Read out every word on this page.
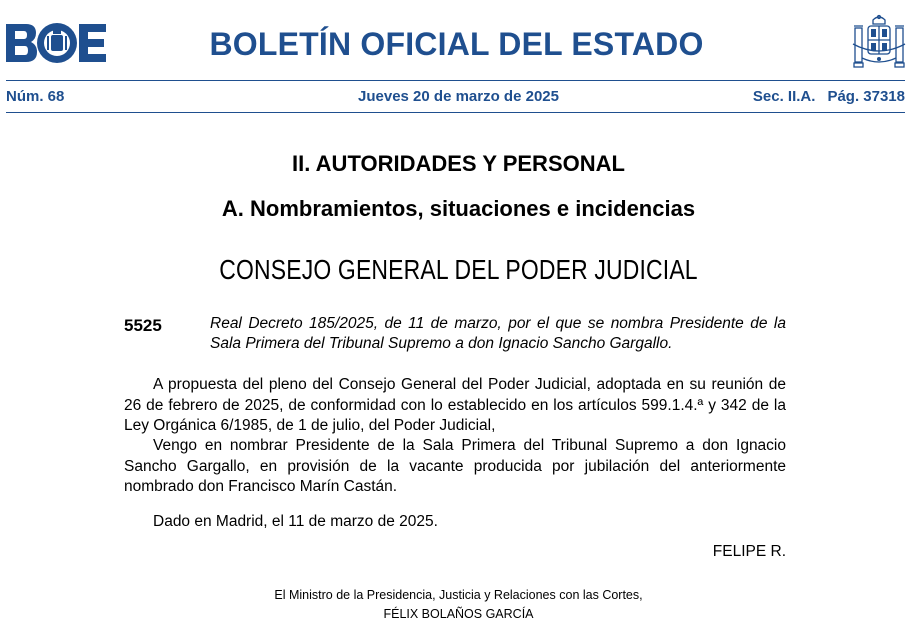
BOLETÍN OFICIAL DEL ESTADO
Núm. 68	Jueves 20 de marzo de 2025	Sec. II.A. Pág. 37318
II. AUTORIDADES Y PERSONAL
A. Nombramientos, situaciones e incidencias
CONSEJO GENERAL DEL PODER JUDICIAL
5525	Real Decreto 185/2025, de 11 de marzo, por el que se nombra Presidente de la Sala Primera del Tribunal Supremo a don Ignacio Sancho Gargallo.

A propuesta del pleno del Consejo General del Poder Judicial, adoptada en su reunión de 26 de febrero de 2025, de conformidad con lo establecido en los artículos 599.1.4.ª y 342 de la Ley Orgánica 6/1985, de 1 de julio, del Poder Judicial,

Vengo en nombrar Presidente de la Sala Primera del Tribunal Supremo a don Ignacio Sancho Gargallo, en provisión de la vacante producida por jubilación del anteriormente nombrado don Francisco Marín Castán.

Dado en Madrid, el 11 de marzo de 2025.

FELIPE R.
El Ministro de la Presidencia, Justicia y Relaciones con las Cortes,
FÉLIX BOLAÑOS GARCÍA
